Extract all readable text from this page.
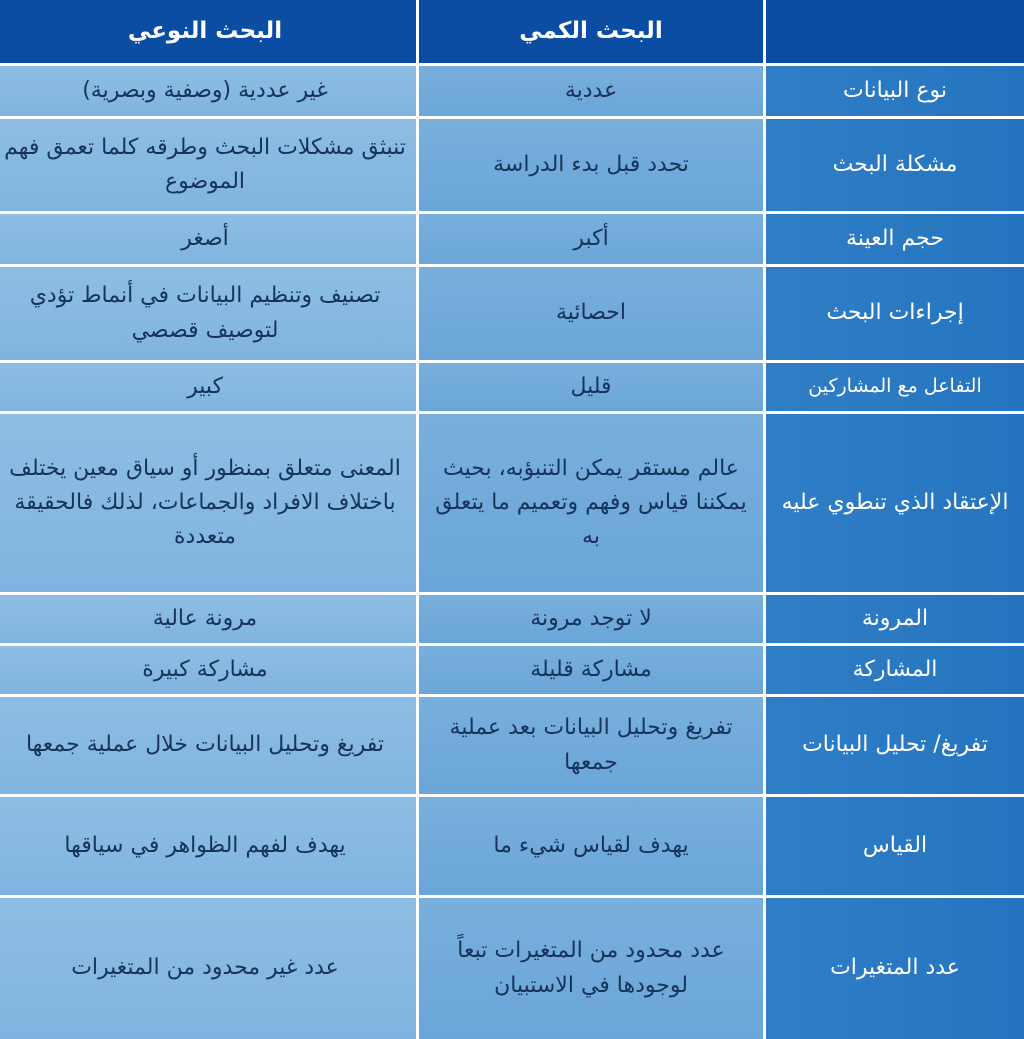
البحث الكمي
البحث النوعي
نوع البيانات
عددية
غير عددية (وصفية وبصرية)
مشكلة البحث
تحدد قبل بدء الدراسة
تنبثق مشكلات البحث وطرقه كلما تعمق فهم الموضوع
حجم العينة
أكبر
أصغر
إجراءات البحث
احصائية
تصنيف وتنظيم البيانات في أنماط تؤدي لتوصيف قصصي
التفاعل مع المشاركين
قليل
كبير
الإعتقاد الذي تنطوي عليه
عالم مستقر يمكن التنبؤبه، بحيث يمكننا قياس وفهم وتعميم ما يتعلق به
المعنى متعلق بمنظور أو سياق معين يختلف باختلاف الافراد والجماعات، لذلك فالحقيقة متعددة
المرونة
لا توجد مرونة
مرونة عالية
المشاركة
مشاركة قليلة
مشاركة كبيرة
تفريغ/ تحليل البيانات
تفريغ وتحليل البيانات بعد عملية جمعها
تفريغ وتحليل البيانات خلال عملية جمعها
القياس
يهدف لقياس شيء ما
يهدف لفهم الظواهر في سياقها
عدد المتغيرات
عدد محدود من المتغيرات تبعاً لوجودها في الاستبيان
عدد غير محدود من المتغيرات
